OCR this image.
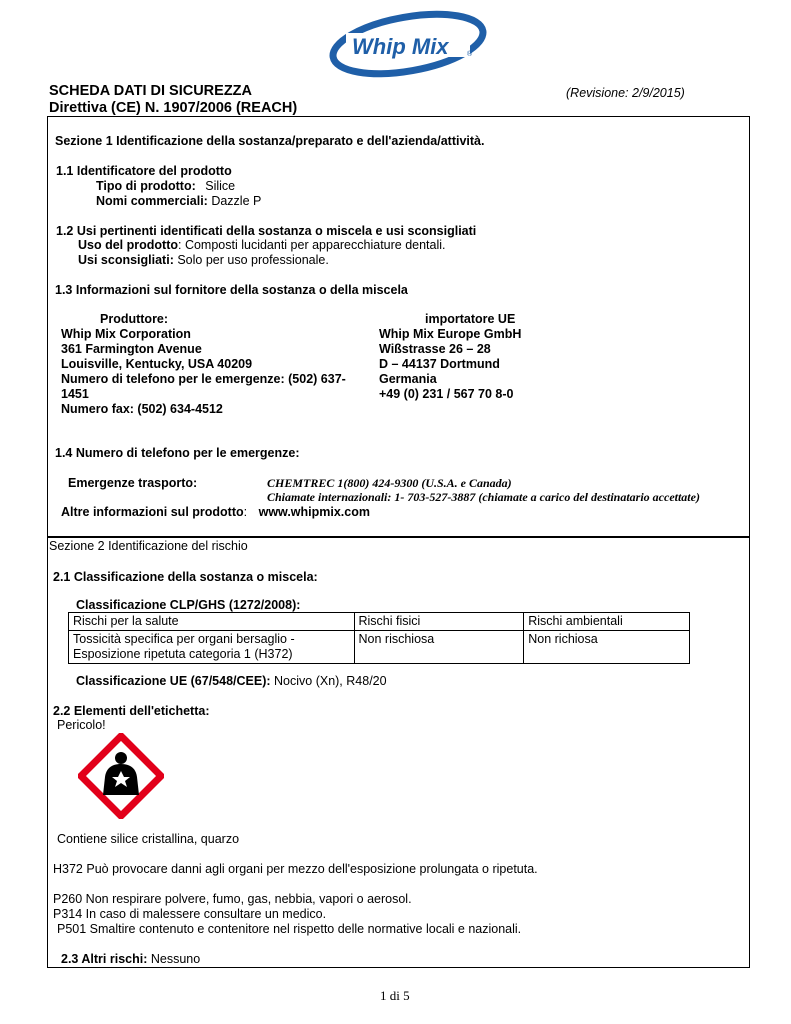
Whip Mix	®
SCHEDA DATI DI SICUREZZA	(Revisione: 2/9/2015)
Direttiva (CE) N. 1907/2006 (REACH)
Sezione 1 Identificazione della sostanza/preparato e dell'azienda/attività.
1.1 Identificatore del prodotto
Tipo di prodotto: Silice
Nomi commerciali: Dazzle P
1.2 Usi pertinenti identificati della sostanza o miscela e usi sconsigliati
Uso del prodotto: Composti lucidanti per apparecchiature dentali.
Usi sconsigliati: Solo per uso professionale.
1.3 Informazioni sul fornitore della sostanza o della miscela
Produttore:
Whip Mix Corporation
361 Farmington Avenue
Louisville, Kentucky, USA 40209
Numero di telefono per le emergenze: (502) 637-
1451
Numero fax: (502) 634-4512
importatore UE
Whip Mix Europe GmbH
Wißstrasse 26 – 28
D – 44137 Dortmund
Germania
+49 (0) 231 / 567 70 8-0
1.4 Numero di telefono per le emergenze:
Emergenze trasporto:	CHEMTREC 1(800) 424-9300 (U.S.A. e Canada)
Chiamate internazionali: 1- 703-527-3887 (chiamate a carico del destinatario accettate)
Altre informazioni sul prodotto: www.whipmix.com
Sezione 2 Identificazione del rischio
2.1 Classificazione della sostanza o miscela:
Classificazione CLP/GHS (1272/2008):
Rischi per la salute	Rischi fisici	Rischi ambientali
Tossicità specifica per organi bersaglio -
Esposizione ripetuta categoria 1 (H372)	Non rischiosa	Non richiosa
Classificazione UE (67/548/CEE): Nocivo (Xn), R48/20
2.2 Elementi dell'etichetta:
Pericolo!
Contiene silice cristallina, quarzo
H372 Può provocare danni agli organi per mezzo dell'esposizione prolungata o ripetuta.
P260 Non respirare polvere, fumo, gas, nebbia, vapori o aerosol.
P314 In caso di malessere consultare un medico.
P501 Smaltire contenuto e contenitore nel rispetto delle normative locali e nazionali.
2.3 Altri rischi: Nessuno
1 di 5
